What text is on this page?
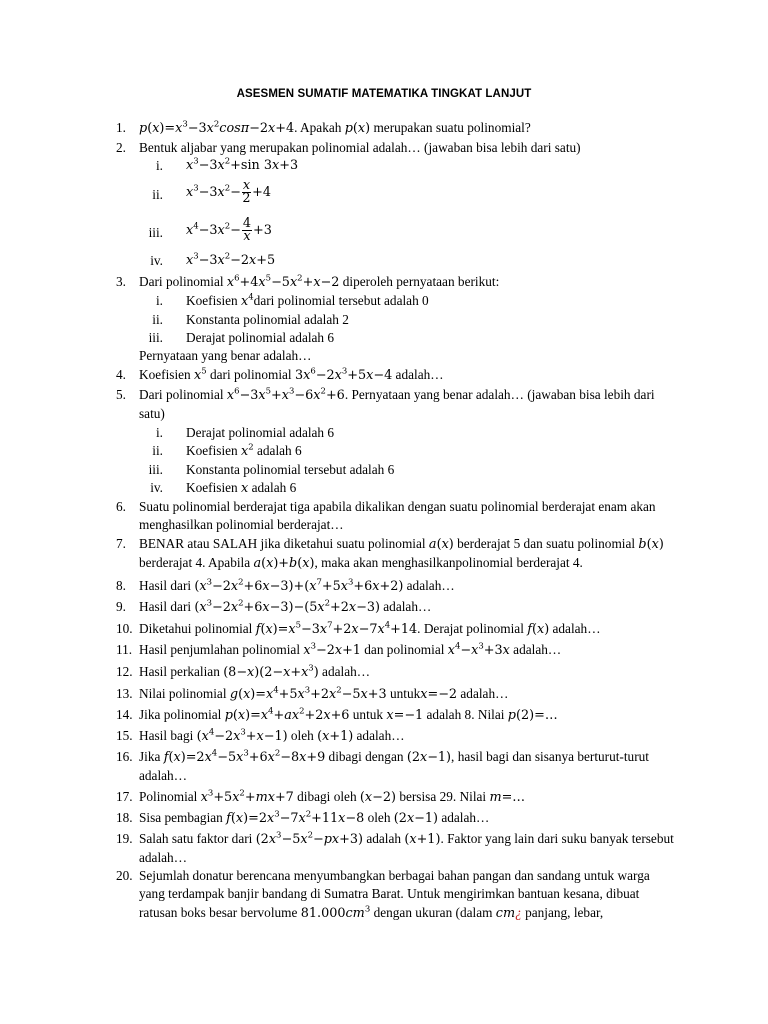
ASESMEN SUMATIF MATEMATIKA TINGKAT LANJUT
1.	$p(x)=x^3-3x^2\cos\pi-2x+4$. Apakah p(x) merupakan suatu polinomial?
2. Bentuk aljabar yang merupakan polinomial adalah… (jawaban bisa lebih dari satu)
i. $x^3-3x^2+\sin$ 3x+3
ii. $x^3-3x^2- \frac{x}{2} +4$
iii. $x^4-3x^2- \frac{4}{x} +3$
iv. $x^3-3x^2-2x+5$
3. Dari polinomial $x^6+4x^5-5x^2+x-2$ diperoleh pernyataan berikut:
i. Koefisien $x^4dari$ polinomial tersebut adalah 0
ii. Konstanta polinomial adalah 2
iii. Derajat polinomial adalah 6
Pernyataan yang benar adalah…
4. Koefisien $x^5$ dari polinomial $3x^6-2x^3+5x-4$ adalah…
5. Dari polinomial $x^6-3x^5+x^3-6x^2+6$. Pernyataan yang benar adalah… (jawaban bisa lebih dari satu)
i. Derajat polinomial adalah 6
ii. Koefisien $x^2$ adalah 6
iii. Konstanta polinomial tersebut adalah 6
iv. Koefisien x adalah 6
6. Suatu polinomial berderajat tiga apabila dikalikan dengan suatu polinomial berderajat enam akan menghasilkan polinomial berderajat…
7. BENAR atau SALAH jika diketahui suatu polinomial a(x) berderajat 5 dan suatu polinomial b(x) berderajat 4. Apabila a(x)+b(x), maka akan menghasilkanpolinomial berderajat 4.
8. Hasil dari $(x^3-2x^2+6x-3)+(x^7+5x^3+6x+2)$ adalah…
9. Hasil dari $(x^3-2x^2+6x-3)-(5x^2+2x-3)$ adalah…
10. Diketahui polinomial $f(x)=x^5-3x^7+2x-7x^4+14$. Derajat polinomial f(x) adalah…
11. Hasil penjumlahan polinomial $x^3-2x+1$ dan polinomial $x^4-x^3+3x$ adalah…
12. Hasil perkalian $(8-x)(2-x+x^3)$ adalah…
13. Nilai polinomial $g(x)=x^4+5x^3+2x^2-5x+3$ untukx=−2 adalah…
14. Jika polinomial $p(x)=x^4+ax^2+2x+6$ untuk x=−1 adalah 8. Nilai p(2)=…
15. Hasil bagi $(x^4-2x^3+x-1)$ oleh (x+1) adalah…
16. Jika $f(x)=2x^4-5x^3+6x^2-8x+9$ dibagi dengan (2x−1), hasil bagi dan sisanya berturut-turut adalah…
17. Polinomial $x^3+5x^2+mx+7$ dibagi oleh (x−2) bersisa 29. Nilai m=…
18. Sisa pembagian $f(x)=2x^3-7x^2+11x-8$ oleh (2x−1) adalah…
19. Salah satu faktor dari $(2x^3-5x^2-px+3)$ adalah (x+1). Faktor yang lain dari suku banyak tersebut adalah…
20. Sejumlah donatur berencana menyumbangkan berbagai bahan pangan dan sandang untuk warga yang terdampak banjir bandang di Sumatra Barat. Untuk mengirimkan bantuan kesana, dibuat ratusan boks besar bervolume $81.000cm^3$ dengan ukuran (dalam cm¿ panjang, lebar,
